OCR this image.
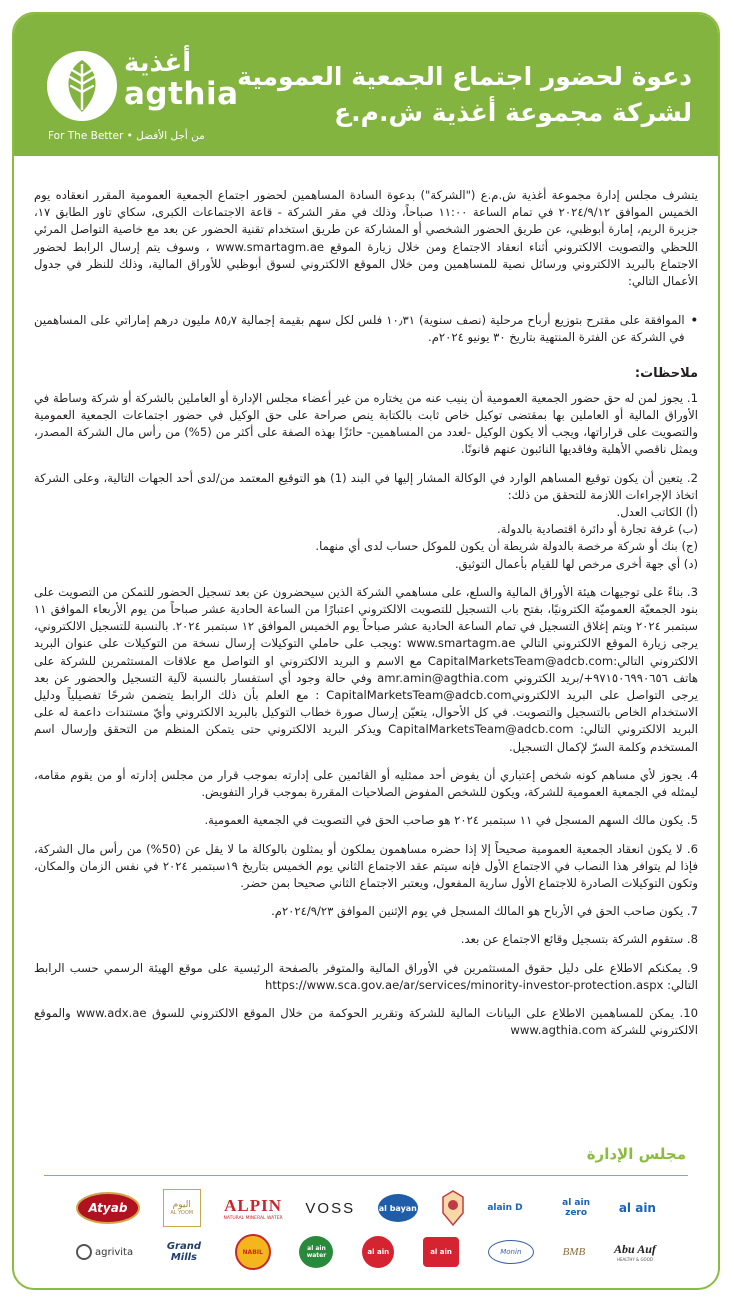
أغذية
agthia
For The Better • من أجل الأفضل
دعوة لحضور اجتماع الجمعية العمومية
لشركة مجموعة أغذية ش.م.ع

يتشرف مجلس إدارة مجموعة أغذية ش.م.ع ("الشركة") بدعوة السادة المساهمين لحضور اجتماع الجمعية العمومية المقرر انعقاده يوم الخميس الموافق ٢٠٢٤/٩/١٢ في تمام الساعة ١١:٠٠ صباحاً، وذلك في مقر الشركة - قاعة الاجتماعات الكبرى، سكاي تاور الطابق ١٧، جزيرة الريم، إمارة أبوظبي، عن طريق الحضور الشخصي أو المشاركة عن طريق استخدام تقنية الحضور عن بعد مع خاصية التواصل المرئي اللحظي والتصويت الالكتروني أثناء انعقاد الاجتماع ومن خلال زيارة الموقع www.smartagm.ae ، وسوف يتم إرسال الرابط لحضور الاجتماع بالبريد الالكتروني ورسائل نصية للمساهمين ومن خلال الموقع الالكتروني لسوق أبوظبي للأوراق المالية، وذلك للنظر في جدول الأعمال التالي:

•

الموافقة على مقترح بتوزيع أرباح مرحلية (نصف سنوية) ١٠٫٣١ فلس لكل سهم بقيمة إجمالية ٨٥٫٧ مليون درهم إماراتي على المساهمين في الشركة عن الفترة المنتهية بتاريخ ٣٠ يونيو ٢٠٢٤م.

ملاحظات:

1. يجوز لمن له حق حضور الجمعية العمومية أن ينيب عنه من يختاره من غير أعضاء مجلس الإدارة أو العاملين بالشركة أو شركة وساطة في الأوراق المالية أو العاملين بها بمقتضى توكيل خاص ثابت بالكتابة ينص صراحة على حق الوكيل في حضور اجتماعات الجمعية العمومية والتصويت على قراراتها، ويجب ألا يكون الوكيل -لعدد من المساهمين- حائزًا بهذه الصفة على أكثر من (5%) من رأس مال الشركة المصدر، ويمثل ناقصي الأهلية وفاقديها النائبون عنهم قانونًا.

2. يتعين أن يكون توقيع المساهم الوارد في الوكالة المشار إليها في البند (1) هو التوقيع المعتمد من/لدى أحد الجهات التالية، وعلى الشركة اتخاذ الإجراءات اللازمة للتحقق من ذلك:

(أ) الكاتب العدل.

(ب) غرفة تجارة أو دائرة اقتصادية بالدولة.

(ج) بنك أو شركة مرخصة بالدولة شريطة أن يكون للموكل حساب لدى أي منهما.

(د) أي جهة أخرى مرخص لها للقيام بأعمال التوثيق.

3. بناءً على توجيهات هيئة الأوراق المالية والسلع، على مساهمي الشركة الذين سيحضرون عن بعد تسجيل الحضور للتمكن من التصويت على بنود الجمعيّة العموميّة الكترونيًا، بفتح باب التسجيل للتصويت الالكتروني اعتبارًا من الساعة الحادية عشر صباحاً من يوم الأربعاء الموافق ١١ سبتمبر ٢٠٢٤ ويتم إغلاق التسجيل في تمام الساعة الحادية عشر صباحاً يوم الخميس الموافق ١٢ سبتمبر ٢٠٢٤. بالنسبة للتسجيل الالكتروني، يرجى زيارة الموقع الالكتروني التالي www.smartagm.ae :ويجب على حاملي التوكيلات إرسال نسخة من التوكيلات على عنوان البريد الالكتروني التالي:CapitalMarketsTeam@adcb.com مع الاسم و البريد الالكتروني او التواصل مع علاقات المستثمرين للشركة على هاتف ٩٧١٥٠٦٩٩٠٦٥٦+/بريد الكتروني amr.amin@agthia.com وفي حالة وجود أي استفسار بالنسبة لآلية التسجيل والحضور عن بعد يرجى التواصل على البريد الالكترونيCapitalMarketsTeam@adcb.com : مع العلم بأن ذلك الرابط يتضمن شرحًا تفصيلياً ودليل الاستخدام الخاص بالتسجيل والتصويت. في كل الأحوال، يتعيّن إرسال صورة خطاب التوكيل بالبريد الالكتروني وأيّ مستندات داعمة له على البريد الالكتروني التالي: CapitalMarketsTeam@adcb.com ويذكر البريد الالكتروني حتى يتمكن المنظم من التحقق وإرسال اسم المستخدم وكلمة السرّ لإكمال التسجيل.

4. يجوز لأي مساهم كونه شخص إعتباري أن يفوض أحد ممثليه أو القائمين على إدارته بموجب قرار من مجلس إدارته أو من يقوم مقامه، ليمثله في الجمعية العمومية للشركة، ويكون للشخص المفوض الصلاحيات المقررة بموجب قرار التفويض.

5. يكون مالك السهم المسجل في ١١ سبتمبر ٢٠٢٤ هو صاحب الحق في التصويت في الجمعية العمومية.

6. لا يكون انعقاد الجمعية العمومية صحيحاً إلا إذا حضره مساهمون يملكون أو يمثلون بالوكالة ما لا يقل عن (50%) من رأس مال الشركة، فإذا لم يتوافر هذا النصاب في الاجتماع الأول فإنه سيتم عقد الاجتماع الثاني يوم الخميس بتاريخ ١٩سبتمبر ٢٠٢٤ في نفس الزمان والمكان، وتكون التوكيلات الصادرة للاجتماع الأول سارية المفعول، ويعتبر الاجتماع الثاني صحيحا بمن حضر.

7. يكون صاحب الحق في الأرباح هو المالك المسجل في يوم الإثنين الموافق ٢٠٢٤/٩/٢٣م.

8. ستقوم الشركة بتسجيل وقائع الاجتماع عن بعد.

9. يمكنكم الاطلاع على دليل حقوق المستثمرين في الأوراق المالية والمتوفر بالصفحة الرئيسية على موقع الهيئة الرسمي حسب الرابط التالي: https://www.sca.gov.ae/ar/services/minority-investor-protection.aspx

10. يمكن للمساهمين الاطلاع على البيانات المالية للشركة وتقرير الحوكمة من خلال الموقع الالكتروني للسوق www.adx.ae والموقع الالكتروني للشركة www.agthia.com

مجلس الإدارة
Atyab	اليوم
AL YOOM ALPIN
NATURAL MINERAL WATER
VOSS	al bayan	alain D	al ain zero	al ain
agrivita	Grand Mills	NABIL	al ain water	al ain	al ain	Monin	BMB Abu Auf
HEALTHY & GOOD
